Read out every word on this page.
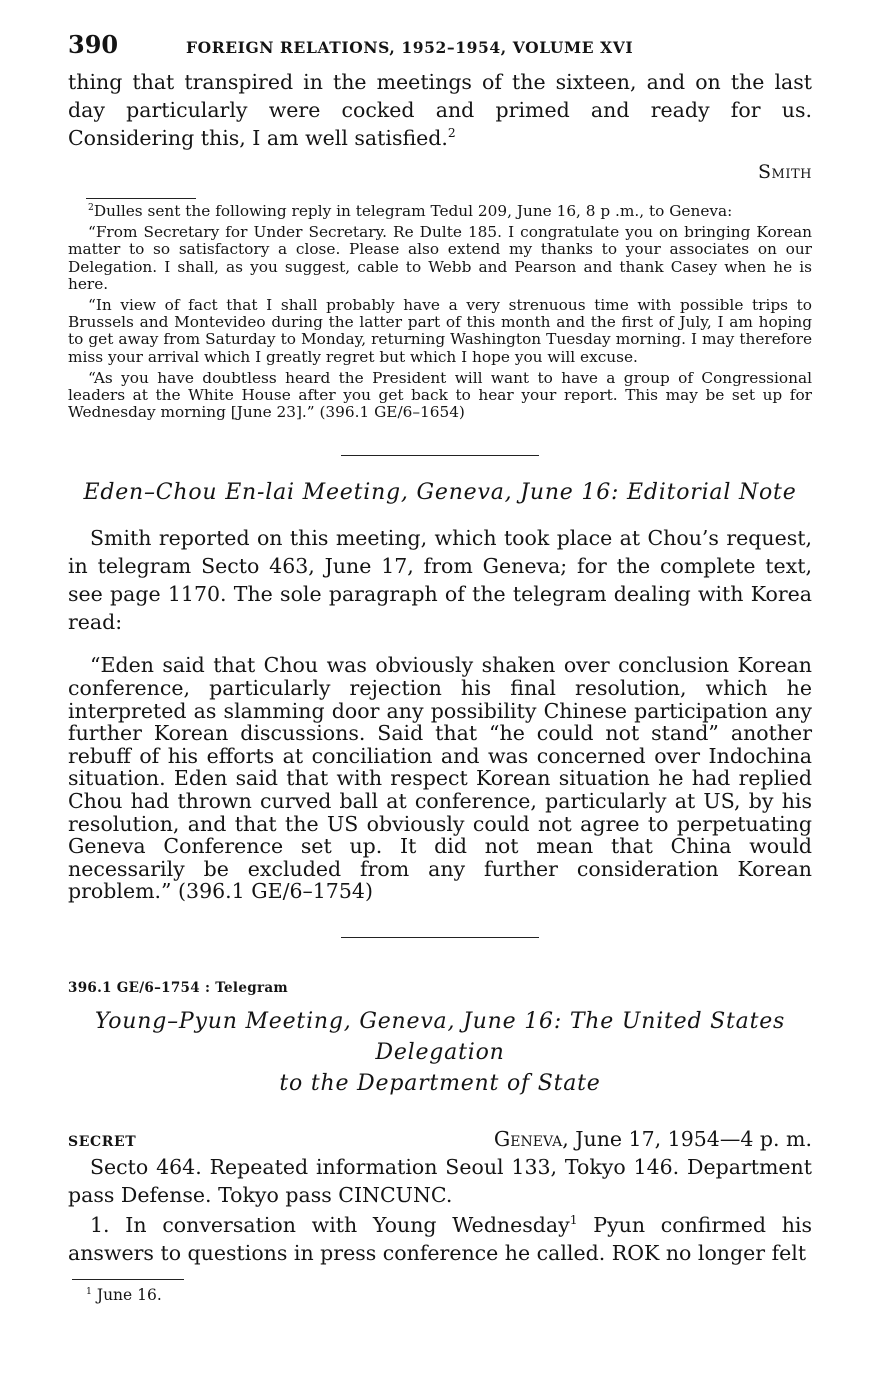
390	FOREIGN RELATIONS, 1952–1954, VOLUME XVI

thing that transpired in the meetings of the sixteen, and on the last day particularly were cocked and primed and ready for us. Considering this, I am well satisfied.$^2$

Smith

$^2$Dulles sent the following reply in telegram Tedul 209, June 16, 8 p .m., to Geneva:

“From Secretary for Under Secretary. Re Dulte 185. I congratulate you on bringing Korean matter to so satisfactory a close. Please also extend my thanks to your associates on our Delegation. I shall, as you suggest, cable to Webb and Pearson and thank Casey when he is here.

“In view of fact that I shall probably have a very strenuous time with possible trips to Brussels and Montevideo during the latter part of this month and the first of July, I am hoping to get away from Saturday to Monday, returning Washington Tuesday morning. I may therefore miss your arrival which I greatly regret but which I hope you will excuse.

“As you have doubtless heard the President will want to have a group of Congressional leaders at the White House after you get back to hear your report. This may be set up for Wednesday morning [June 23].” (396.1 GE/6–1654)

Eden–Chou En-lai Meeting, Geneva, June 16: Editorial Note

Smith reported on this meeting, which took place at Chou’s request, in telegram Secto 463, June 17, from Geneva; for the complete text, see page 1170. The sole paragraph of the telegram dealing with Korea read:

“Eden said that Chou was obviously shaken over conclusion Korean conference, particularly rejection his final resolution, which he interpreted as slamming door any possibility Chinese participation any further Korean discussions. Said that “he could not stand” another rebuff of his efforts at conciliation and was concerned over Indochina situation. Eden said that with respect Korean situation he had replied Chou had thrown curved ball at conference, particularly at US, by his resolution, and that the US obviously could not agree to perpetuating Geneva Conference set up. It did not mean that China would necessarily be excluded from any further consideration Korean problem.” (396.1 GE/6–1754)

396.1 GE/6–1754 : Telegram

Young–Pyun Meeting, Geneva, June 16: The United States Delegation
to the Department of State

SECRET	Geneva, June 17, 1954—4 p. m.

Secto 464. Repeated information Seoul 133, Tokyo 146. Department pass Defense. Tokyo pass CINCUNC.

1. In conversation with Young Wednesday$^1$ Pyun confirmed his answers to questions in press conference he called. ROK no longer felt

$^1$ June 16.
